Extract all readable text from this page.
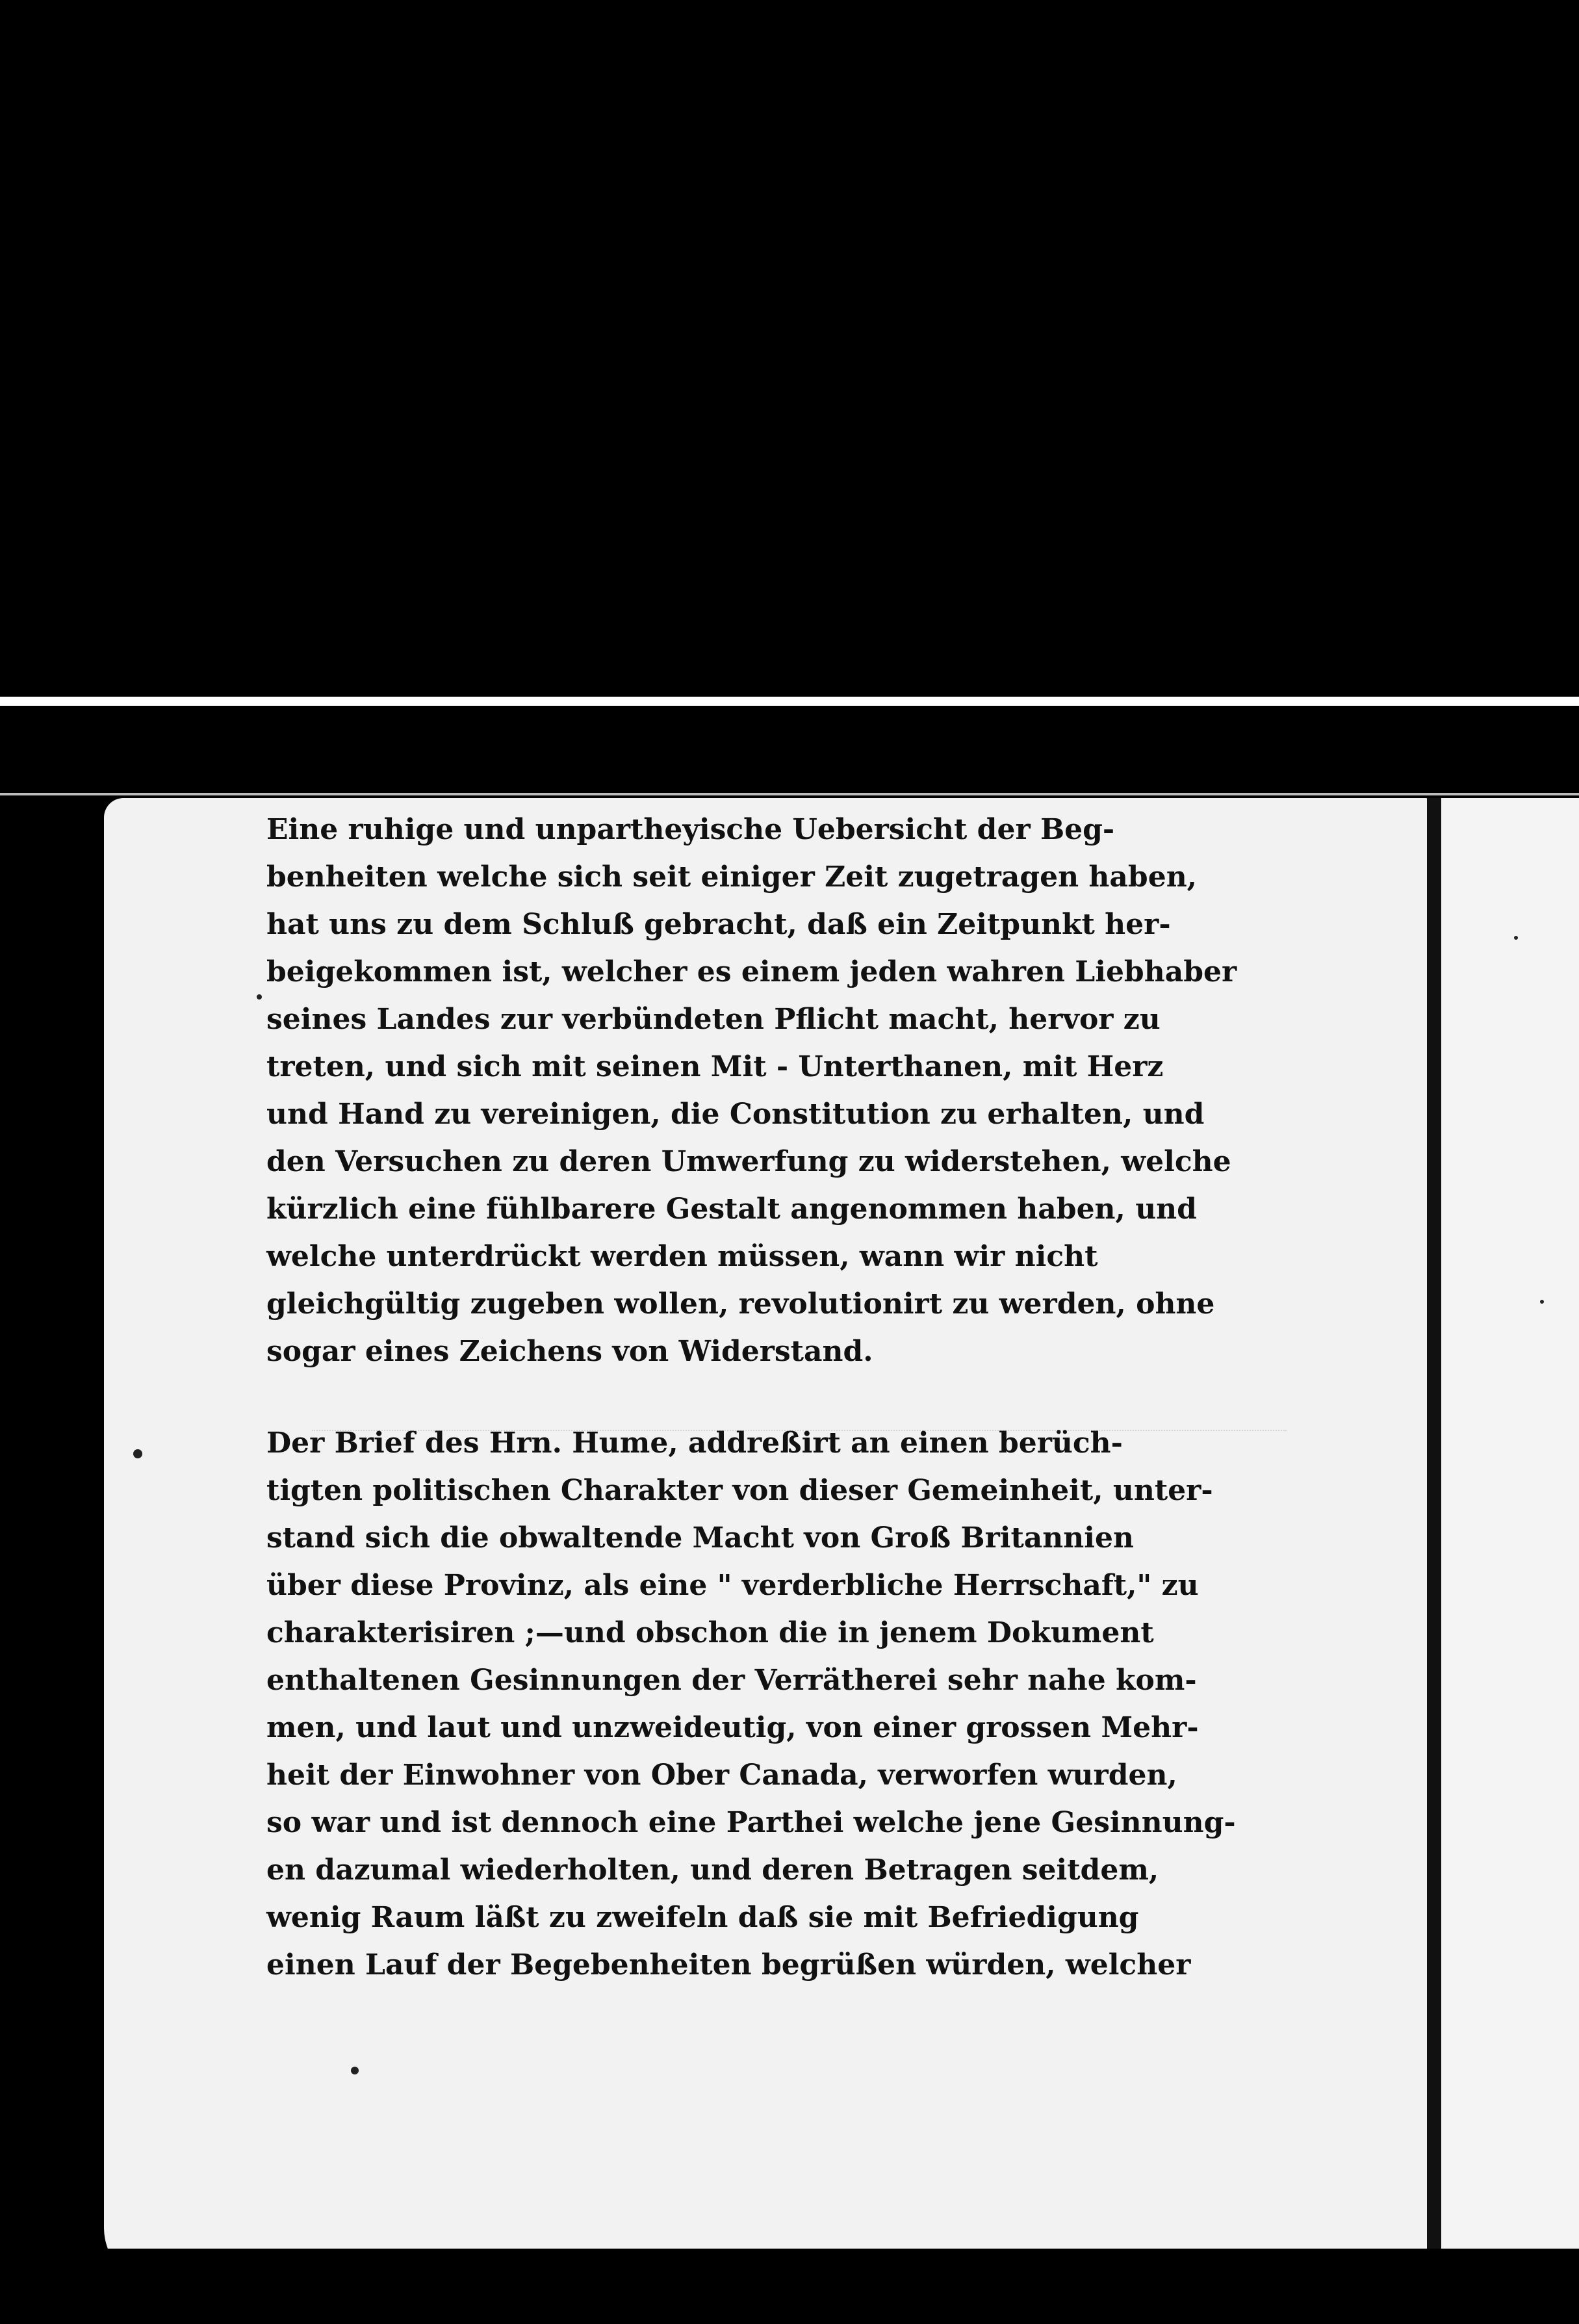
Eine ruhige und unpartheyische Uebersicht der Beg-
benheiten welche sich seit einiger Zeit zugetragen haben,
hat uns zu dem Schluß gebracht, daß ein Zeitpunkt her-
beigekommen ist, welcher es einem jeden wahren Liebhaber
seines Landes zur verbündeten Pflicht macht, hervor zu
treten, und sich mit seinen Mit - Unterthanen, mit Herz
und Hand zu vereinigen, die Constitution zu erhalten, und
den Versuchen zu deren Umwerfung zu widerstehen, welche
kürzlich eine fühlbarere Gestalt angenommen haben, und
welche unterdrückt werden müssen, wann wir nicht
gleichgültig zugeben wollen, revolutionirt zu werden, ohne
sogar eines Zeichens von Widerstand.

Der Brief des Hrn. Hume, addreßirt an einen berüch-
tigten politischen Charakter von dieser Gemeinheit, unter-
stand sich die obwaltende Macht von Groß Britannien
über diese Provinz, als eine " verderbliche Herrschaft," zu
charakterisiren ;—und obschon die in jenem Dokument
enthaltenen Gesinnungen der Verrätherei sehr nahe kom-
men, und laut und unzweideutig, von einer grossen Mehr-
heit der Einwohner von Ober Canada, verworfen wurden,
so war und ist dennoch eine Parthei welche jene Gesinnung-
en dazumal wiederholten, und deren Betragen seitdem,
wenig Raum läßt zu zweifeln daß sie mit Befriedigung
einen Lauf der Begebenheiten begrüßen würden, welcher
